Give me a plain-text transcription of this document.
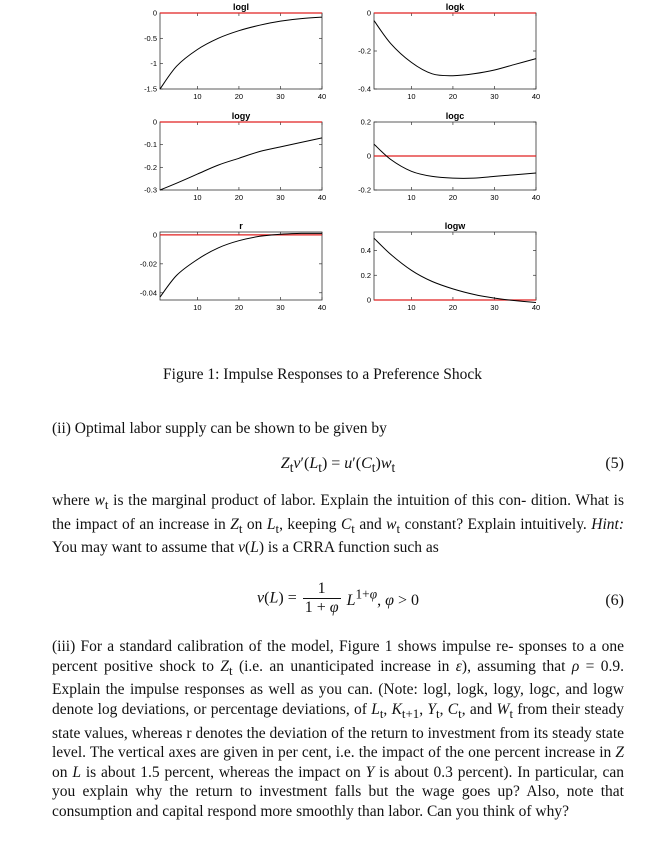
logl
10	20	30	40
0
-0.5
-1
-1.5
logk
10	20	30	40
0
-0.2
-0.4
logy
10	20	30	40
0
-0.1
-0.2
-0.3
logc
10	20	30	40
0.2
0
-0.2
r
10	20	30	40
0
-0.02
-0.04
logw
10	20	30	40
0.4
0.2
0
Figure 1: Impulse Responses to a Preference Shock
(ii) Optimal labor supply can be shown to be given by
$Z_tv'(L_t) = u'(C_t)w_t$	(5)
where $w_t$ is the marginal product of labor. Explain the intuition of this con- dition. What is the impact of an increase in $Z_t$ on $L_t$, keeping $C_t$ and $w_t$ constant? Explain intuitively. Hint: You may want to assume that v(L) is a CRRA function such as
$v(L) = \frac{1}{1 + \varphi} L^{1+\varphi}$, φ > 0	(6)
(iii) For a standard calibration of the model, Figure 1 shows impulse re- sponses to a one percent positive shock to $Z_t$ (i.e. an unanticipated increase in ε), assuming that ρ = 0.9. Explain the impulse responses as well as you can. (Note: logl, logk, logy, logc, and logw denote log deviations, or percentage deviations, of $L_t$, $K_{t+1}$, $Y_t$, $C_t$, and $W_t$ from their steady state values, whereas r denotes the deviation of the return to investment from its steady state level. The vertical axes are given in per cent, i.e. the impact of the one percent increase in Z on L is about 1.5 percent, whereas the impact on Y is about 0.3 percent). In particular, can you explain why the return to investment falls but the wage goes up? Also, note that consumption and capital respond more smoothly than labor. Can you think of why?
